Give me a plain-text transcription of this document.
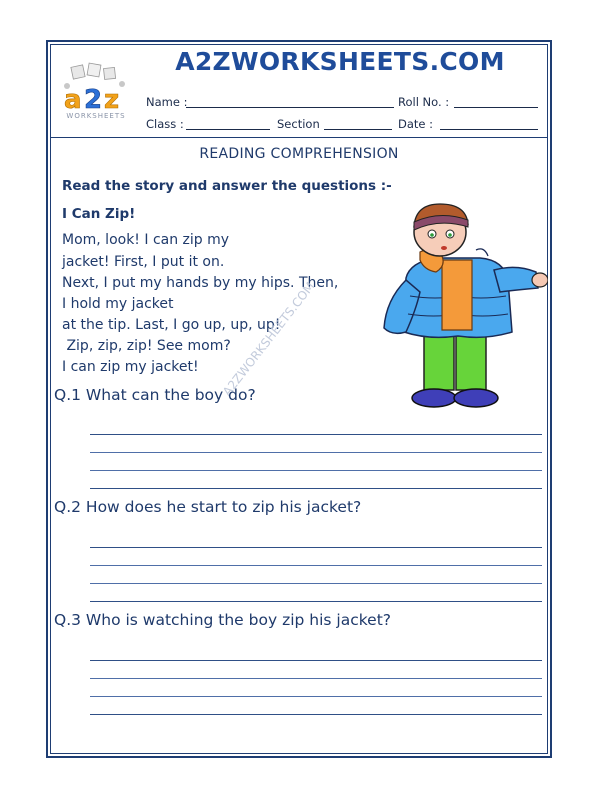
a 2 z
WORKSHEETS
A2ZWORKSHEETS.COM
Name :	Roll No. :
Class :	Section	Date :
READING COMPREHENSION
Read the story and answer the questions :-
I Can Zip!
Mom, look! I can zip my
jacket! First, I put it on.
Next, I put my hands by my hips. Then,
I hold my jacket
at the tip. Last, I go up, up, up!
Zip, zip, zip! See mom?
I can zip my jacket! A2ZWORKSHEETS.COM
Q.1 What can the boy do?
Q.2 How does he start to zip his jacket?
Q.3 Who is watching the boy zip his jacket?
